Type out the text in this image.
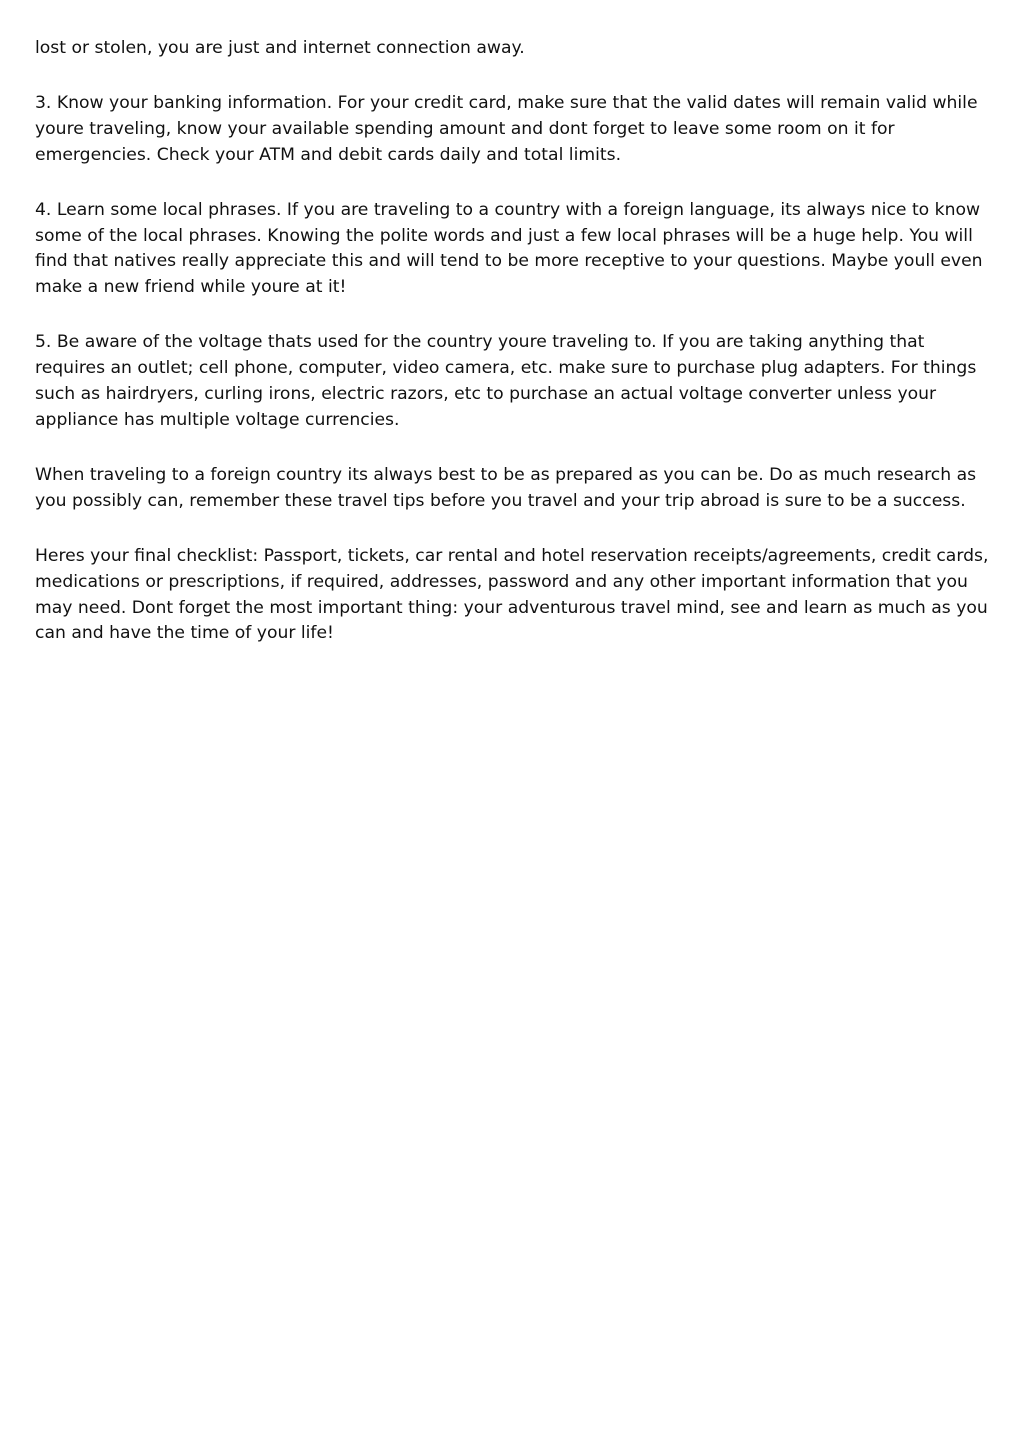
lost or stolen, you are just and internet connection away.

3. Know your banking information. For your credit card, make sure that the valid dates will remain valid while youre traveling, know your available spending amount and dont forget to leave some room on it for emergencies. Check your ATM and debit cards daily and total limits.

4. Learn some local phrases. If you are traveling to a country with a foreign language, its always nice to know some of the local phrases. Knowing the polite words and just a few local phrases will be a huge help. You will find that natives really appreciate this and will tend to be more receptive to your questions. Maybe youll even make a new friend while youre at it!

5. Be aware of the voltage thats used for the country youre traveling to. If you are taking anything that requires an outlet; cell phone, computer, video camera, etc. make sure to purchase plug adapters. For things such as hairdryers, curling irons, electric razors, etc to purchase an actual voltage converter unless your appliance has multiple voltage currencies.

When traveling to a foreign country its always best to be as prepared as you can be. Do as much research as you possibly can, remember these travel tips before you travel and your trip abroad is sure to be a success.

Heres your final checklist: Passport, tickets, car rental and hotel reservation receipts/agreements, credit cards, medications or prescriptions, if required, addresses, password and any other important information that you may need. Dont forget the most important thing: your adventurous travel mind, see and learn as much as you can and have the time of your life!
